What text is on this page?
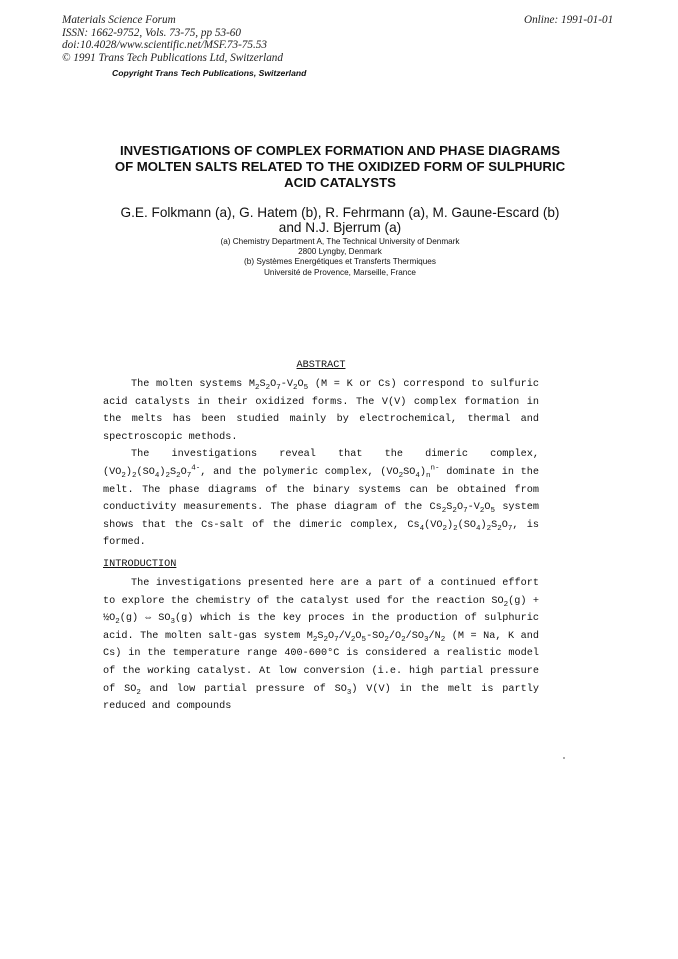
Materials Science Forum
ISSN: 1662-9752, Vols. 73-75, pp 53-60
doi:10.4028/www.scientific.net/MSF.73-75.53
© 1991 Trans Tech Publications Ltd, Switzerland
Copyright Trans Tech Publications, Switzerland
Online: 1991-01-01
INVESTIGATIONS OF COMPLEX FORMATION AND PHASE DIAGRAMS
OF MOLTEN SALTS RELATED TO THE OXIDIZED FORM OF SULPHURIC
ACID CATALYSTS
G.E. Folkmann (a), G. Hatem (b), R. Fehrmann (a), M. Gaune-Escard (b)
and N.J. Bjerrum (a)
(a) Chemistry Department A, The Technical University of Denmark
2800 Lyngby, Denmark
(b) Systèmes Energétiques et Transferts Thermiques
Université de Provence, Marseille, France
ABSTRACT

The molten systems $M_2S_2O_7-V_2O_5$ (M = K or Cs) correspond to sulfuric acid catalysts in their oxidized forms. The V(V) complex formation in the melts has been studied mainly by electrochemical, thermal and spectroscopic methods.

The investigations reveal that the dimeric complex, $(VO_2)_2(SO_4)_2S_2O_7^{4-}$, and the polymeric complex, $(VO_2SO_4)_n^{n-}$ dominate in the melt. The phase diagrams of the binary systems can be obtained from conductivity measurements. The phase diagram of the $Cs_2S_2O_7-V_2O_5$ system shows that the Cs-salt of the dimeric complex, $Cs_4(VO_2)_2(SO_4)_2S_2O_7$, is formed.

INTRODUCTION

The investigations presented here are a part of a continued effort to explore the chemistry of the catalyst used for the reaction $SO_2(g)$ + $\frac{1}{2}O_2(g)$ ⇔ $SO_3(g)$ which is the key proces in the production of sulphuric acid. The molten salt-gas system $M_2S_2O_7/V_2O_5-SO_2/O_2/SO_3/N_2$ (M = Na, K and Cs) in the temperature range 400-600°C is considered a realistic model of the working catalyst. At low conversion (i.e. high partial pressure of $SO_2$ and low partial pressure of $SO_3$) V(V) in the melt is partly reduced and compounds
